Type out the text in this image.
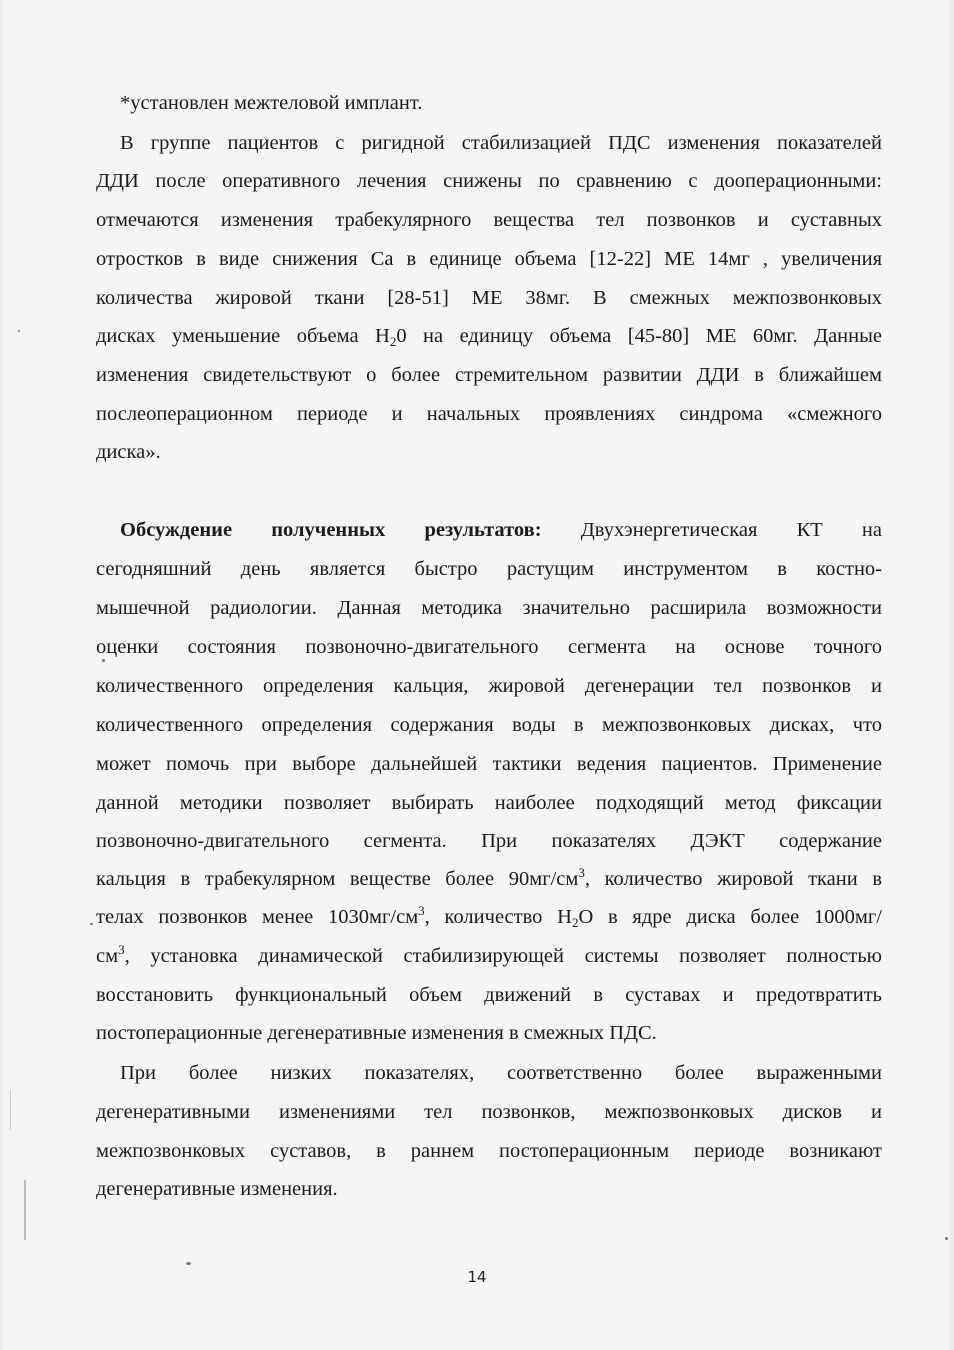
*установлен межтеловой имплант.
В группе пациентов с ригидной стабилизацией ПДС изменения показателей
ДДИ после оперативного лечения снижены по сравнению с дооперационными:
отмечаются изменения трабекулярного вещества тел позвонков и суставных
отростков в виде снижения Са в единице объема [12-22] МЕ 14мг , увеличения
количества жировой ткани [28-51] МЕ 38мг. В смежных межпозвонковых
дисках уменьшение объема $Н_20$ на единицу объема [45-80] МЕ 60мг. Данные
изменения свидетельствуют о более стремительном развитии ДДИ в ближайшем
послеоперационном периоде и начальных проявлениях синдрома «смежного
диска».
Обсуждение полученных результатов: Двухэнергетическая КТ на
сегодняшний день является быстро растущим инструментом в костно-
мышечной радиологии. Данная методика значительно расширила возможности
оценки состояния позвоночно-двигательного сегмента на основе точного
количественного определения кальция, жировой дегенерации тел позвонков и
количественного определения содержания воды в межпозвонковых дисках, что
может помочь при выборе дальнейшей тактики ведения пациентов. Применение
данной методики позволяет выбирать наиболее подходящий метод фиксации
позвоночно-двигательного сегмента. При показателях ДЭКТ содержание
кальция в трабекулярном веществе более $90мг/см^3$, количество жировой ткани в
телах позвонков менее $1030мг/см^3$, количество $Н_2О$ в ядре диска более 1000мг/
$см^3$, установка динамической стабилизирующей системы позволяет полностью
восстановить функциональный объем движений в суставах и предотвратить
постоперационные дегенеративные изменения в смежных ПДС.
При более низких показателях, соответственно более выраженными
дегенеративными изменениями тел позвонков, межпозвонковых дисков и
межпозвонковых суставов, в раннем постоперационным периоде возникают
дегенеративные изменения.
14
